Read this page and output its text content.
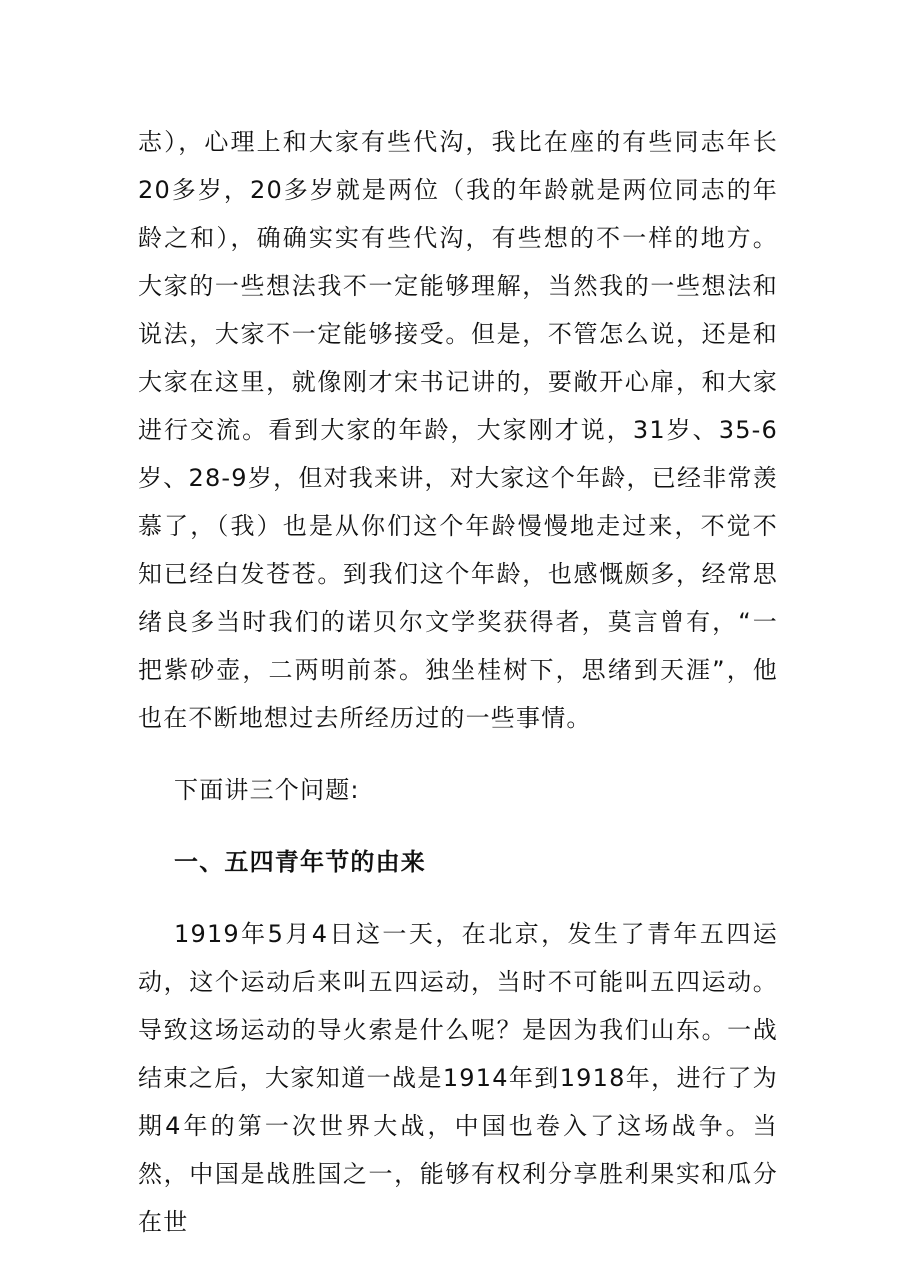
志），心理上和大家有些代沟，我比在座的有些同志年长20多岁，20多岁就是两位（我的年龄就是两位同志的年龄之和），确确实实有些代沟，有些想的不一样的地方。大家的一些想法我不一定能够理解，当然我的一些想法和说法，大家不一定能够接受。但是，不管怎么说，还是和大家在这里，就像刚才宋书记讲的，要敞开心扉，和大家进行交流。看到大家的年龄，大家刚才说，31岁、35-6岁、28-9岁，但对我来讲，对大家这个年龄，已经非常羡慕了，（我）也是从你们这个年龄慢慢地走过来，不觉不知已经白发苍苍。到我们这个年龄，也感慨颇多，经常思绪良多当时我们的诺贝尔文学奖获得者，莫言曾有，“一把紫砂壶，二两明前茶。独坐桂树下，思绪到天涯”，他也在不断地想过去所经历过的一些事情。

下面讲三个问题:

一、五四青年节的由来

1919年5月4日这一天，在北京，发生了青年五四运动，这个运动后来叫五四运动，当时不可能叫五四运动。导致这场运动的导火索是什么呢？是因为我们山东。一战结束之后，大家知道一战是1914年到1918年，进行了为期4年的第一次世界大战，中国也卷入了这场战争。当然，中国是战胜国之一，能够有权利分享胜利果实和瓜分在世
